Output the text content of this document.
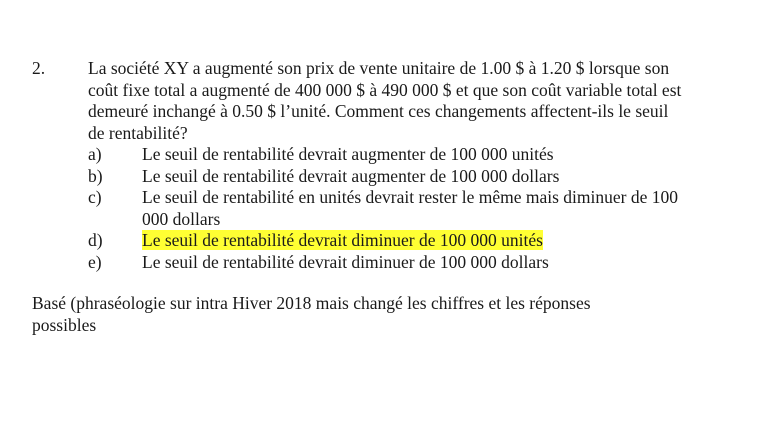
2. La société XY a augmenté son prix de vente unitaire de 1.00 $ à 1.20 $ lorsque son coût fixe total a augmenté de 400 000 $ à 490 000 $ et que son coût variable total est demeuré inchangé à 0.50 $ l’unité. Comment ces changements affectent-ils le seuil de rentabilité?
a) Le seuil de rentabilité devrait augmenter de 100 000 unités
b) Le seuil de rentabilité devrait augmenter de 100 000 dollars
c) Le seuil de rentabilité en unités devrait rester le même mais diminuer de 100 000 dollars
d) Le seuil de rentabilité devrait diminuer de 100 000 unités
e) Le seuil de rentabilité devrait diminuer de 100 000 dollars
Basé (phraséologie sur intra Hiver 2018 mais changé les chiffres et les réponses possibles
